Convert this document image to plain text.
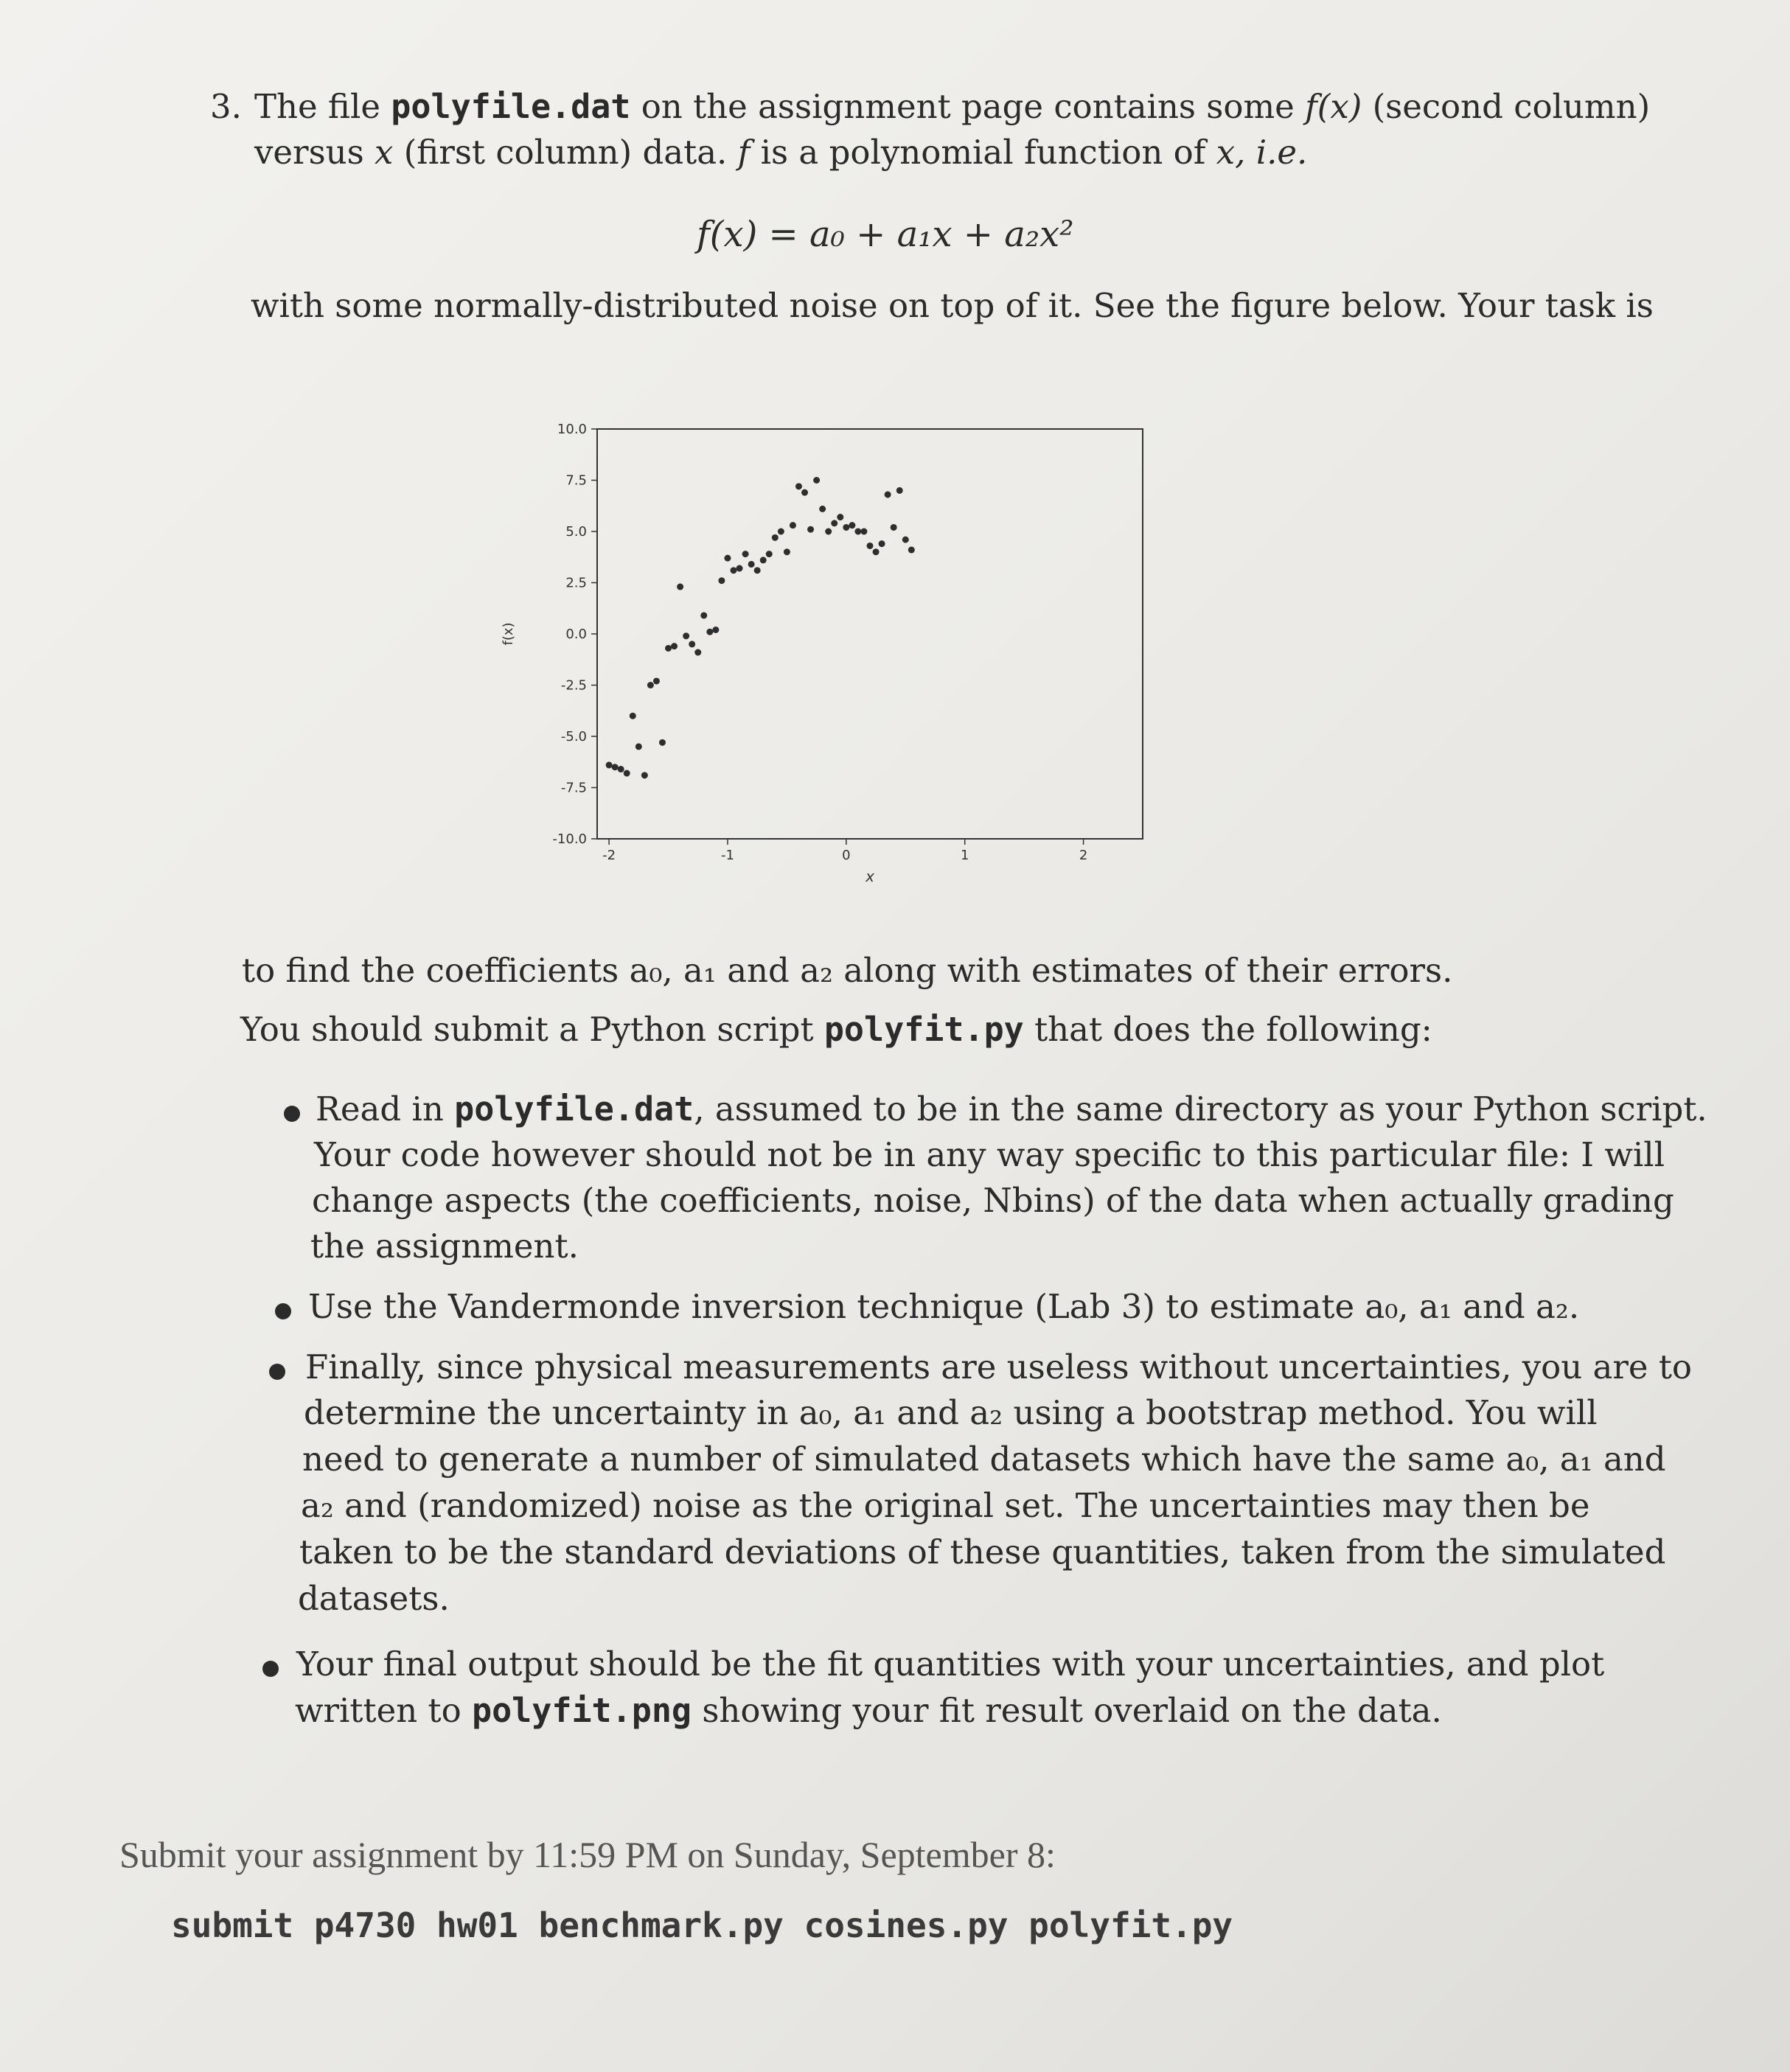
3. The file polyfile.dat on the assignment page contains some f(x) (second column)
versus x (first column) data. f is a polynomial function of x, i.e.
f(x) = a₀ + a₁x + a₂x²
with some normally-distributed noise on top of it. See the figure below. Your task is
-2	-1	0	1	2
10.0
7.5
5.0
2.5
0.0
-2.5
-5.0
-7.5
-10.0
x
f(x)
to find the coefficients a₀, a₁ and a₂ along with estimates of their errors.
You should submit a Python script polyfit.py that does the following:
Read in polyfile.dat, assumed to be in the same directory as your Python script.
Your code however should not be in any way specific to this particular file: I will
change aspects (the coefficients, noise, Nbins) of the data when actually grading
the assignment.
Use the Vandermonde inversion technique (Lab 3) to estimate a₀, a₁ and a₂.
Finally, since physical measurements are useless without uncertainties, you are to
determine the uncertainty in a₀, a₁ and a₂ using a bootstrap method. You will
need to generate a number of simulated datasets which have the same a₀, a₁ and
a₂ and (randomized) noise as the original set. The uncertainties may then be
taken to be the standard deviations of these quantities, taken from the simulated
datasets.
Your final output should be the fit quantities with your uncertainties, and plot
written to polyfit.png showing your fit result overlaid on the data.
Submit your assignment by 11:59 PM on Sunday, September 8:
submit p4730 hw01 benchmark.py cosines.py polyfit.py
